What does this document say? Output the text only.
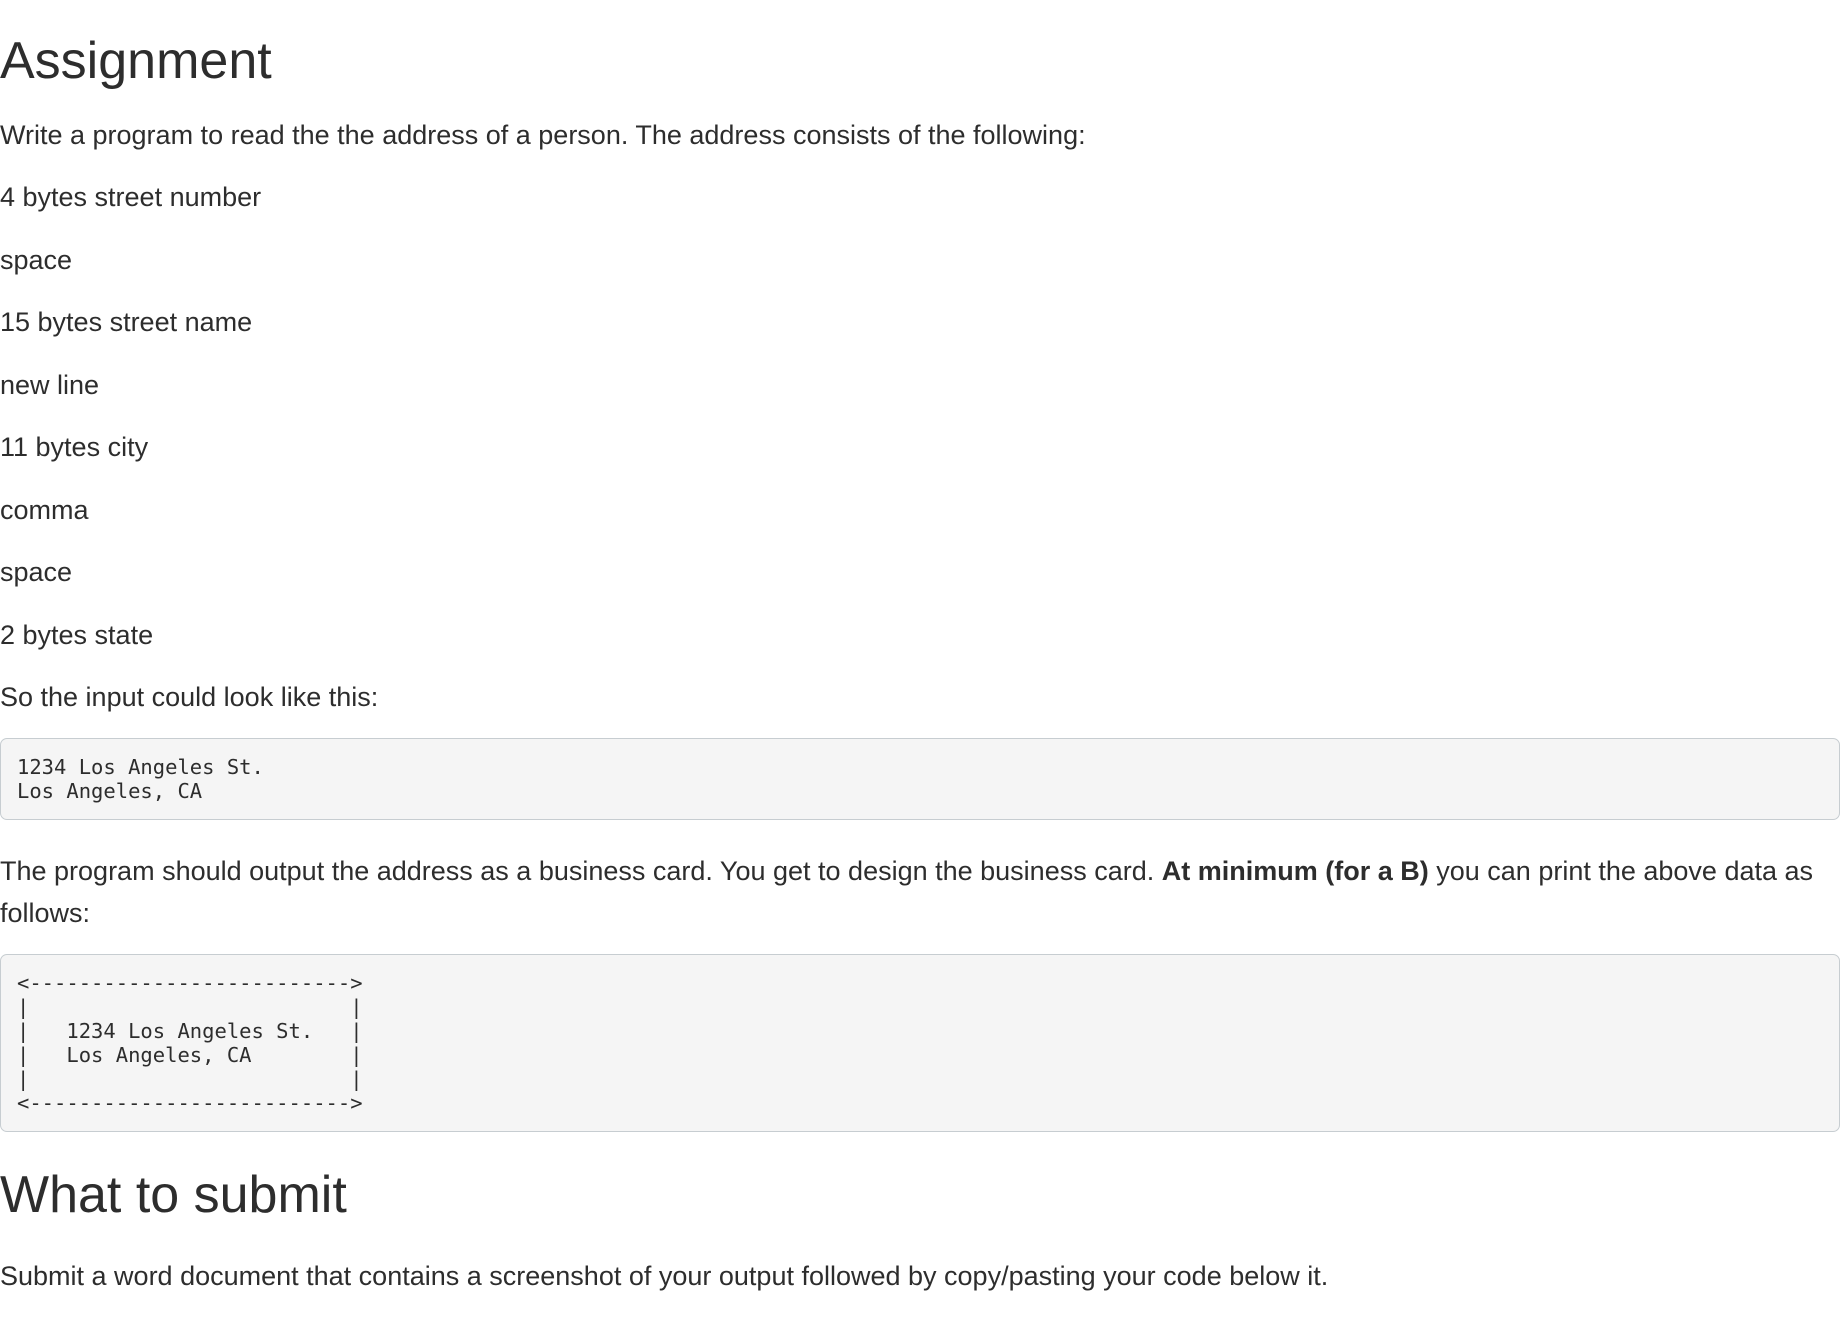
Assignment

Write a program to read the the address of a person. The address consists of the following:

4 bytes street number

space

15 bytes street name

new line

11 bytes city

comma

space

2 bytes state

So the input could look like this:

1234 Los Angeles St.
Los Angeles, CA

The program should output the address as a business card. You get to design the business card. At minimum (for a B) you can print the above data as follows:

<-------------------------->
|                          |
|   1234 Los Angeles St.   |
|   Los Angeles, CA        |
|                          |
<-------------------------->
What to submit

Submit a word document that contains a screenshot of your output followed by copy/pasting your code below it.
